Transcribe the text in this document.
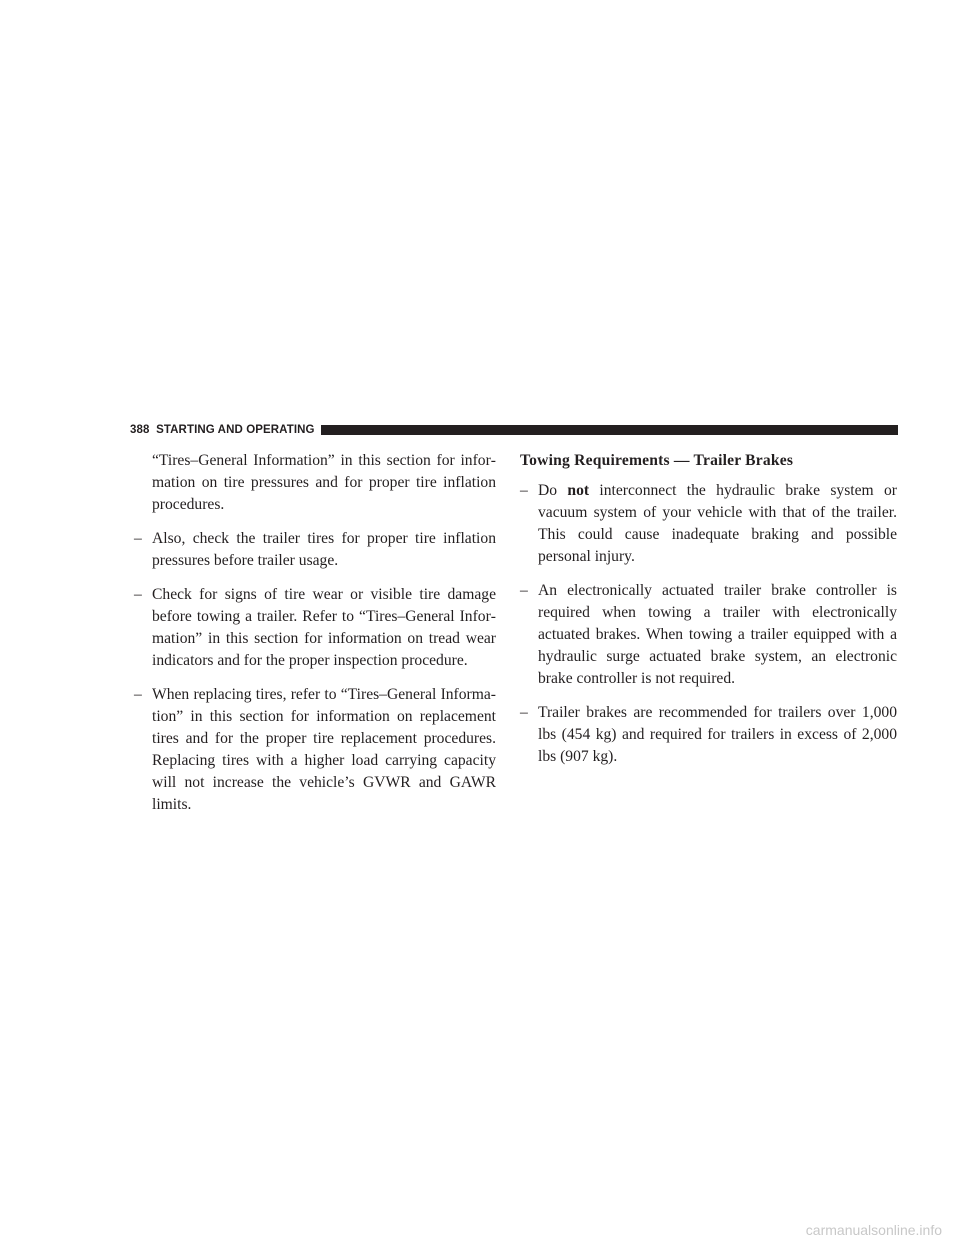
388 STARTING AND OPERATING

“Tires–General Information” in this section for information on tire pressures and for proper tire inflation procedures.

– Also, check the trailer tires for proper tire inflation pressures before trailer usage.

– Check for signs of tire wear or visible tire damage before towing a trailer. Refer to “Tires–General Information” in this section for information on tread wear indicators and for the proper inspection procedure.

– When replacing tires, refer to “Tires–General Information” in this section for information on replacement tires and for the proper tire replacement procedures. Replacing tires with a higher load carrying capacity will not increase the vehicle’s GVWR and GAWR limits.

Towing Requirements — Trailer Brakes
– Do not interconnect the hydraulic brake system or vacuum system of your vehicle with that of the trailer. This could cause inadequate braking and possible personal injury.

– An electronically actuated trailer brake controller is required when towing a trailer with electronically actuated brakes. When towing a trailer equipped with a hydraulic surge actuated brake system, an electronic brake controller is not required.

– Trailer brakes are recommended for trailers over 1,000 lbs (454 kg) and required for trailers in excess of 2,000 lbs (907 kg).

carmanualsonline.info
